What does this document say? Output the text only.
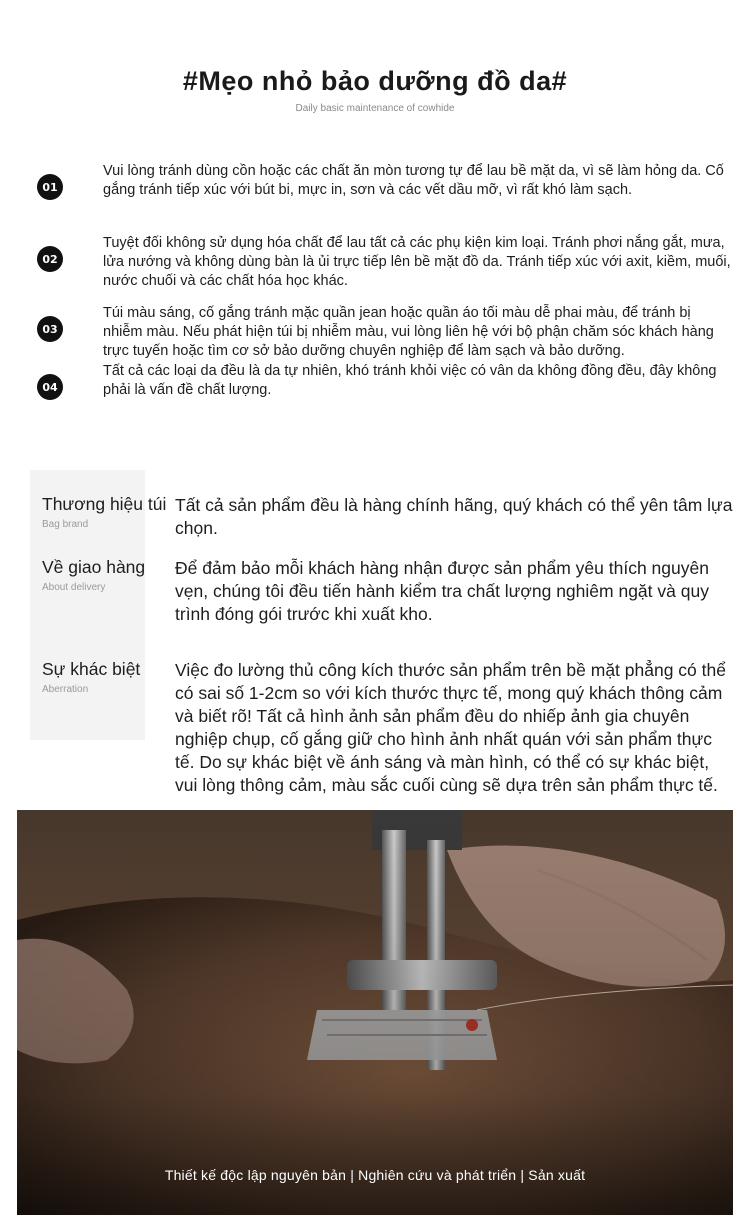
#Mẹo nhỏ bảo dưỡng đồ da#
Daily basic maintenance of cowhide
01
Vui lòng tránh dùng cồn hoặc các chất ăn mòn tương tự để lau bề mặt da, vì sẽ làm hỏng da. Cố gắng tránh tiếp xúc với bút bi, mực in, sơn và các vết dầu mỡ, vì rất khó làm sạch.
02
Tuyệt đối không sử dụng hóa chất để lau tất cả các phụ kiện kim loại. Tránh phơi nắng gắt, mưa, lửa nướng và không dùng bàn là ủi trực tiếp lên bề mặt đồ da. Tránh tiếp xúc với axit, kiềm, muối, nước chuối và các chất hóa học khác.
03
Túi màu sáng, cố gắng tránh mặc quần jean hoặc quần áo tối màu dễ phai màu, để tránh bị nhiễm màu. Nếu phát hiện túi bị nhiễm màu, vui lòng liên hệ với bộ phận chăm sóc khách hàng trực tuyến hoặc tìm cơ sở bảo dưỡng chuyên nghiệp để làm sạch và bảo dưỡng.
04
Tất cả các loại da đều là da tự nhiên, khó tránh khỏi việc có vân da không đồng đều, đây không phải là vấn đề chất lượng.
Thương hiệu túi
Bag brand
Tất cả sản phẩm đều là hàng chính hãng, quý khách có thể yên tâm lựa chọn.
Về giao hàng
About delivery
Để đảm bảo mỗi khách hàng nhận được sản phẩm yêu thích nguyên vẹn, chúng tôi đều tiến hành kiểm tra chất lượng nghiêm ngặt và quy trình đóng gói trước khi xuất kho.
Sự khác biệt
Aberration
Việc đo lường thủ công kích thước sản phẩm trên bề mặt phẳng có thể có sai số 1-2cm so với kích thước thực tế, mong quý khách thông cảm và biết rõ! Tất cả hình ảnh sản phẩm đều do nhiếp ảnh gia chuyên nghiệp chụp, cố gắng giữ cho hình ảnh nhất quán với sản phẩm thực tế. Do sự khác biệt về ánh sáng và màn hình, có thể có sự khác biệt, vui lòng thông cảm, màu sắc cuối cùng sẽ dựa trên sản phẩm thực tế.
Thiết kế độc lập nguyên bản | Nghiên cứu và phát triển | Sản xuất
